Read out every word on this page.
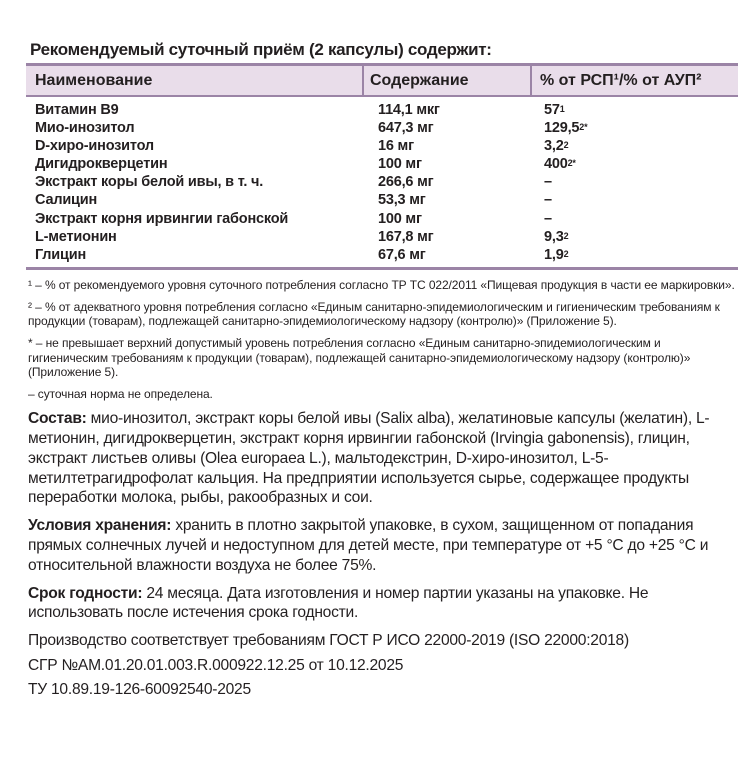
Рекомендуемый суточный приём (2 капсулы) содержит:
Наименование	Содержание	% от РСП¹/% от АУП²
Витамин B9	114,1 мкг	$57^1$
Мио-инозитол	647,3 мг	$129,5^{2*}$
D-хиро-инозитол	16 мг	$3,2^2$
Дигидрокверцетин	100 мг	$400^{2*}$
Экстракт коры белой ивы, в т. ч.	266,6 мг	–
Салицин	53,3 мг	–
Экстракт корня ирвингии габонской	100 мг	–
L-метионин	167,8 мг	$9,3^2$
Глицин	67,6 мг	$1,9^2$
¹ – % от рекомендуемого уровня суточного потребления согласно ТР ТС 022/2011 «Пищевая продукция в части ее маркировки».
² – % от адекватного уровня потребления согласно «Единым санитарно-эпидемиологическим и гигиеническим требованиям к продукции (товарам), подлежащей санитарно-эпидемиологическому надзору (контролю)» (Приложение 5).
* – не превышает верхний допустимый уровень потребления согласно «Единым санитарно-эпидемиологическим и гигиеническим требованиям к продукции (товарам), подлежащей санитарно-эпидемиологическому надзору (контролю)» (Приложение 5).
– суточная норма не определена.
Состав: мио-инозитол, экстракт коры белой ивы (Salix alba), желатиновые капсулы (желатин), L-метионин, дигидрокверцетин, экстракт корня ирвингии габонской (Irvingia gabonensis), глицин, экстракт листьев оливы (Olea europaea L.), мальтодекстрин, D-хиро-инозитол, L-5-метилтетрагидрофолат кальция. На предприятии используется сырье, содержащее продукты переработки молока, рыбы, ракообразных и сои.
Условия хранения: хранить в плотно закрытой упаковке, в сухом, защищенном от попадания прямых солнечных лучей и недоступном для детей месте, при температуре от +5 °С до +25 °С и относительной влажности воздуха не более 75%.
Срок годности: 24 месяца. Дата изготовления и номер партии указаны на упаковке. Не использовать после истечения срока годности.
Производство соответствует требованиям ГОСТ Р ИСО 22000-2019 (ISO 22000:2018)
СГР №АМ.01.20.01.003.R.000922.12.25 от 10.12.2025
ТУ 10.89.19-126-60092540-2025
